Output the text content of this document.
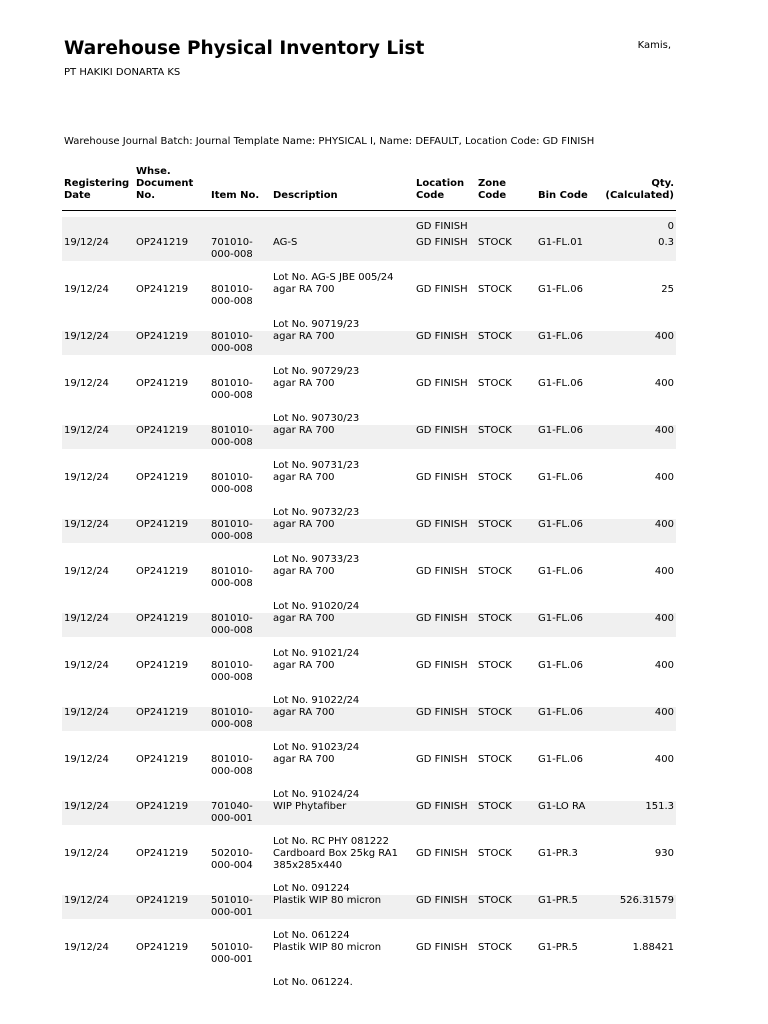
Warehouse Physical Inventory List
PT HAKIKI DONARTA KS
Kamis,
Warehouse Journal Batch: Journal Template Name: PHYSICAL I, Name: DEFAULT, Location Code: GD FINISH
Registering Date	Whse. Document No.	Item No.	Description	Location Code	Zone Code	Bin Code	Qty. (Calculated)

				GD FINISH			0
19/12/24	OP241219	701010-000-008	AG-S	GD FINISH	STOCK	G1-FL.01	0.3
			Lot No. AG-S JBE 005/24				
19/12/24	OP241219	801010-000-008	agar RA 700	GD FINISH	STOCK	G1-FL.06	25
			Lot No. 90719/23				
19/12/24	OP241219	801010-000-008	agar RA 700	GD FINISH	STOCK	G1-FL.06	400
			Lot No. 90729/23				
19/12/24	OP241219	801010-000-008	agar RA 700	GD FINISH	STOCK	G1-FL.06	400
			Lot No. 90730/23				
19/12/24	OP241219	801010-000-008	agar RA 700	GD FINISH	STOCK	G1-FL.06	400
			Lot No. 90731/23				
19/12/24	OP241219	801010-000-008	agar RA 700	GD FINISH	STOCK	G1-FL.06	400
			Lot No. 90732/23				
19/12/24	OP241219	801010-000-008	agar RA 700	GD FINISH	STOCK	G1-FL.06	400
			Lot No. 90733/23				
19/12/24	OP241219	801010-000-008	agar RA 700	GD FINISH	STOCK	G1-FL.06	400
			Lot No. 91020/24				
19/12/24	OP241219	801010-000-008	agar RA 700	GD FINISH	STOCK	G1-FL.06	400
			Lot No. 91021/24				
19/12/24	OP241219	801010-000-008	agar RA 700	GD FINISH	STOCK	G1-FL.06	400
			Lot No. 91022/24				
19/12/24	OP241219	801010-000-008	agar RA 700	GD FINISH	STOCK	G1-FL.06	400
			Lot No. 91023/24				
19/12/24	OP241219	801010-000-008	agar RA 700	GD FINISH	STOCK	G1-FL.06	400
			Lot No. 91024/24				
19/12/24	OP241219	701040-000-001	WIP Phytafiber	GD FINISH	STOCK	G1-LO RA	151.3
			Lot No. RC PHY 081222				
19/12/24	OP241219	502010-000-004	Cardboard Box 25kg RA1 385x285x440	GD FINISH	STOCK	G1-PR.3	930
			Lot No. 091224				
19/12/24	OP241219	501010-000-001	Plastik WIP 80 micron	GD FINISH	STOCK	G1-PR.5	526.31579
			Lot No. 061224				
19/12/24	OP241219	501010-000-001	Plastik WIP 80 micron	GD FINISH	STOCK	G1-PR.5	1.88421
			Lot No. 061224.				
